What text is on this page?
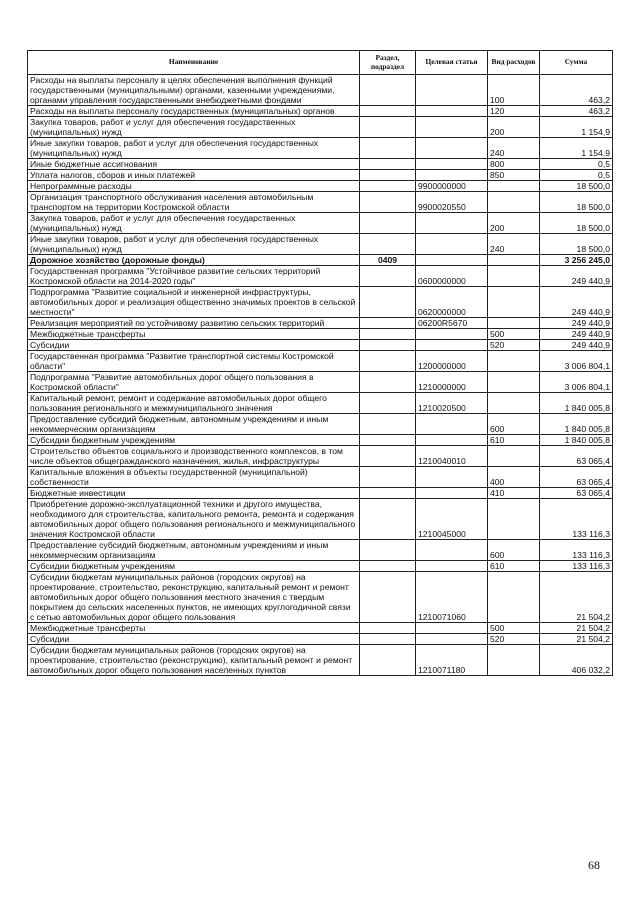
Наименование	Раздел, подраздел	Целевая статья	Вид расходов	Сумма
Расходы на выплаты персоналу в целях обеспечения выполнения функций государственными (муниципальными) органами, казенными учреждениями, органами управления государственными внебюджетными фондами			100	463,2
Расходы на выплаты персоналу государственных (муниципальных) органов			120	463,2
Закупка товаров, работ и услуг для обеспечения государственных (муниципальных) нужд			200	1 154,9
Иные закупки товаров, работ и услуг для обеспечения государственных (муниципальных) нужд			240	1 154,9
Иные бюджетные ассигнования			800	0,5
Уплата налогов, сборов и иных платежей			850	0,5
Непрограммные расходы		9900000000		18 500,0
Организация транспортного обслуживания населения автомобильным транспортом на территории Костромской области		9900020550		18 500,0
Закупка товаров, работ и услуг для обеспечения государственных (муниципальных) нужд			200	18 500,0
Иные закупки товаров, работ и услуг для обеспечения государственных (муниципальных) нужд			240	18 500,0
Дорожное хозяйство (дорожные фонды)	0409			3 256 245,0
Государственная программа "Устойчивое развитие сельских территорий Костромской области на 2014-2020 годы"		0600000000		249 440,9
Подпрограмма "Развитие социальной и инженерной инфраструктуры, автомобильных дорог и реализация общественно значимых проектов в сельской местности"		0620000000		249 440,9
Реализация мероприятий по устойчивому развитию сельских территорий		06200R5670		249 440,9
Межбюджетные трансферты			500	249 440,9
Субсидии			520	249 440,9
Государственная программа "Развитие транспортной системы Костромской области"		1200000000		3 006 804,1
Подпрограмма "Развитие автомобильных дорог общего пользования в Костромской области"		1210000000		3 006 804,1
Капитальный ремонт, ремонт и содержание автомобильных дорог общего пользования регионального и межмуниципального значения		1210020500		1 840 005,8
Предоставление субсидий бюджетным, автономным учреждениям и иным некоммерческим организациям			600	1 840 005,8
Субсидии бюджетным учреждениям			610	1 840 005,8
Строительство объектов социального и производственного комплексов, в том числе объектов общегражданского назначения, жилья, инфраструктуры		1210040010		63 065,4
Капитальные вложения в объекты государственной (муниципальной) собственности			400	63 065,4
Бюджетные инвестиции			410	63 065,4
Приобретение дорожно-эксплуатационной техники и другого имущества, необходимого для строительства, капитального ремонта, ремонта и содержания автомобильных дорог общего пользования регионального и межмуниципального значения Костромской области		1210045000		133 116,3
Предоставление субсидий бюджетным, автономным учреждениям и иным некоммерческим организациям			600	133 116,3
Субсидии бюджетным учреждениям			610	133 116,3
Субсидии бюджетам муниципальных районов (городских округов) на проектирование, строительство, реконструкцию, капитальный ремонт и ремонт автомобильных дорог общего пользования местного значения с твердым покрытием до сельских населенных пунктов, не имеющих круглогодичной связи с сетью автомобильных дорог общего пользования		1210071060		21 504,2
Межбюджетные трансферты			500	21 504,2
Субсидии			520	21 504,2
Субсидии бюджетам муниципальных районов (городских округов) на проектирование, строительство (реконструкцию), капитальный ремонт и ремонт автомобильных дорог общего пользования населенных пунктов		1210071180		406 032,2
68
